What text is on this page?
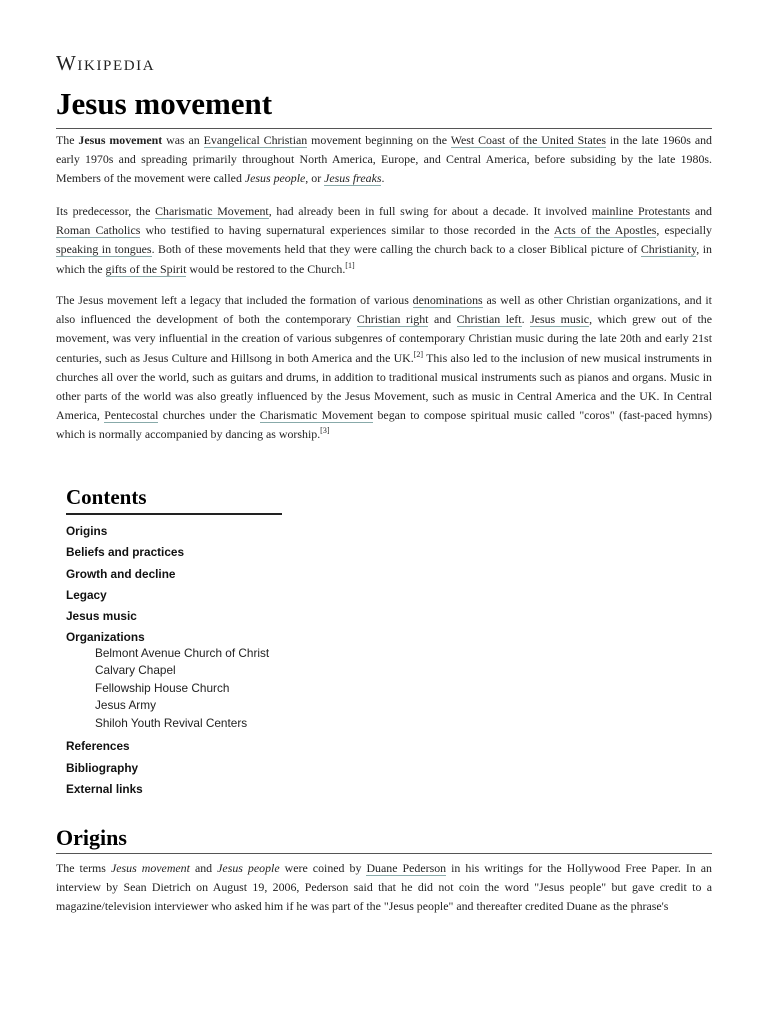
Wikipedia
Jesus movement

The Jesus movement was an Evangelical Christian movement beginning on the West Coast of the United States in the late 1960s and early 1970s and spreading primarily throughout North America, Europe, and Central America, before subsiding by the late 1980s. Members of the movement were called Jesus people, or Jesus freaks.

Its predecessor, the Charismatic Movement, had already been in full swing for about a decade. It involved mainline Protestants and Roman Catholics who testified to having supernatural experiences similar to those recorded in the Acts of the Apostles, especially speaking in tongues. Both of these movements held that they were calling the church back to a closer Biblical picture of Christianity, in which the gifts of the Spirit would be restored to the Church.[1]

The Jesus movement left a legacy that included the formation of various denominations as well as other Christian organizations, and it also influenced the development of both the contemporary Christian right and Christian left. Jesus music, which grew out of the movement, was very influential in the creation of various subgenres of contemporary Christian music during the late 20th and early 21st centuries, such as Jesus Culture and Hillsong in both America and the UK.[2] This also led to the inclusion of new musical instruments in churches all over the world, such as guitars and drums, in addition to traditional musical instruments such as pianos and organs. Music in other parts of the world was also greatly influenced by the Jesus Movement, such as music in Central America and the UK. In Central America, Pentecostal churches under the Charismatic Movement began to compose spiritual music called "coros" (fast-paced hymns) which is normally accompanied by dancing as worship.[3]

Contents
Origins
Beliefs and practices
Growth and decline
Legacy
Jesus music
Organizations
Belmont Avenue Church of Christ
Calvary Chapel
Fellowship House Church
Jesus Army
Shiloh Youth Revival Centers
References
Bibliography
External links
Origins

The terms Jesus movement and Jesus people were coined by Duane Pederson in his writings for the Hollywood Free Paper. In an interview by Sean Dietrich on August 19, 2006, Pederson said that he did not coin the word "Jesus people" but gave credit to a magazine/television interviewer who asked him if he was part of the "Jesus people" and thereafter credited Duane as the phrase's
